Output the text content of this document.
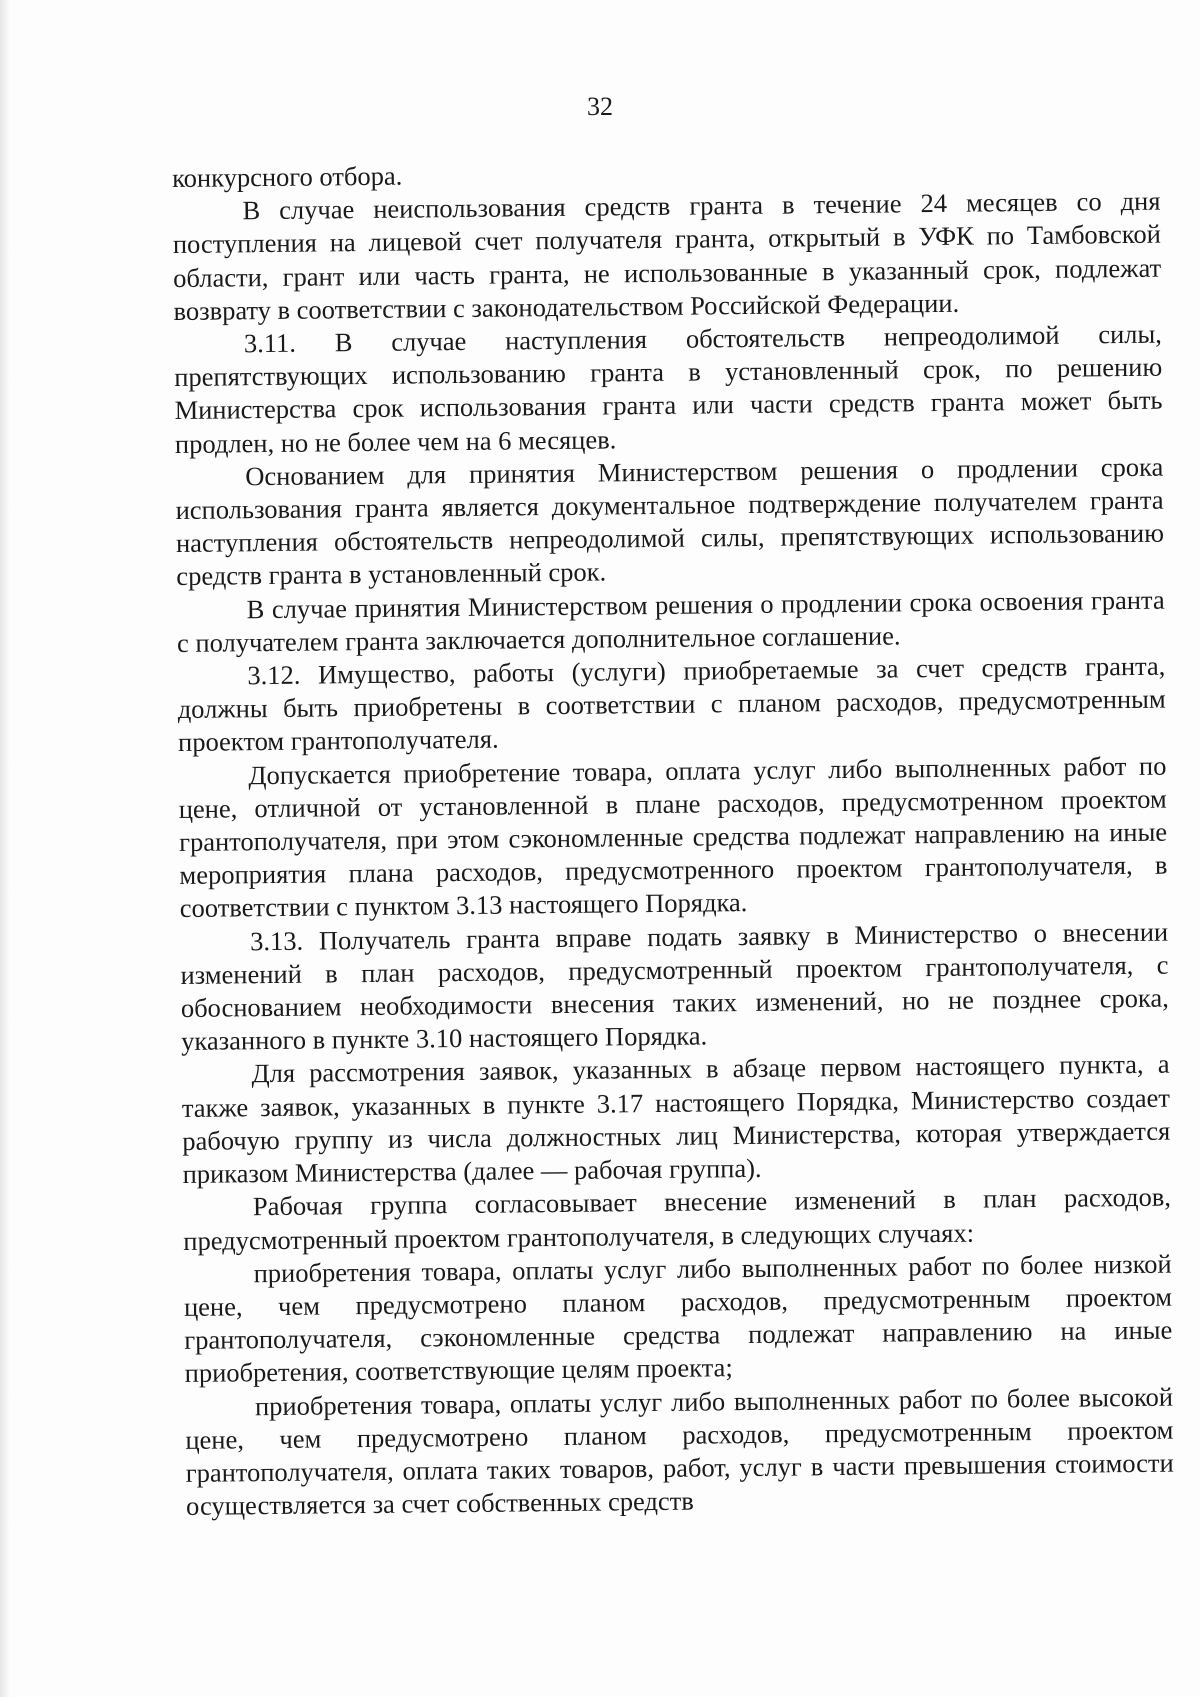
32

конкурсного отбора.

В случае неиспользования средств гранта в течение 24 месяцев со дня поступления на лицевой счет получателя гранта, открытый в УФК по Тамбовской области, грант или часть гранта, не использованные в указанный срок, подлежат возврату в соответствии с законодательством Российской Федерации.

3.11. В случае наступления обстоятельств непреодолимой силы, препятствующих использованию гранта в установленный срок, по решению Министерства срок использования гранта или части средств гранта может быть продлен, но не более чем на 6 месяцев.

Основанием для принятия Министерством решения о продлении срока использования гранта является документальное подтверждение получателем гранта наступления обстоятельств непреодолимой силы, препятствующих использованию средств гранта в установленный срок.

В случае принятия Министерством решения о продлении срока освоения гранта с получателем гранта заключается дополнительное соглашение.

3.12. Имущество, работы (услуги) приобретаемые за счет средств гранта, должны быть приобретены в соответствии с планом расходов, предусмотренным проектом грантополучателя.

Допускается приобретение товара, оплата услуг либо выполненных работ по цене, отличной от установленной в плане расходов, предусмотренном проектом грантополучателя, при этом сэкономленные средства подлежат направлению на иные мероприятия плана расходов, предусмотренного проектом грантополучателя, в соответствии с пунктом 3.13 настоящего Порядка.

3.13. Получатель гранта вправе подать заявку в Министерство о внесении изменений в план расходов, предусмотренный проектом грантополучателя, с обоснованием необходимости внесения таких изменений, но не позднее срока, указанного в пункте 3.10 настоящего Порядка.

Для рассмотрения заявок, указанных в абзаце первом настоящего пункта, а также заявок, указанных в пункте 3.17 настоящего Порядка, Министерство создает рабочую группу из числа должностных лиц Министерства, которая утверждается приказом Министерства (далее — рабочая группа).

Рабочая группа согласовывает внесение изменений в план расходов, предусмотренный проектом грантополучателя, в следующих случаях:

приобретения товара, оплаты услуг либо выполненных работ по более низкой цене, чем предусмотрено планом расходов, предусмотренным проектом грантополучателя, сэкономленные средства подлежат направлению на иные приобретения, соответствующие целям проекта;

приобретения товара, оплаты услуг либо выполненных работ по более высокой цене, чем предусмотрено планом расходов, предусмотренным проектом грантополучателя, оплата таких товаров, работ, услуг в части превышения стоимости осуществляется за счет собственных средств
